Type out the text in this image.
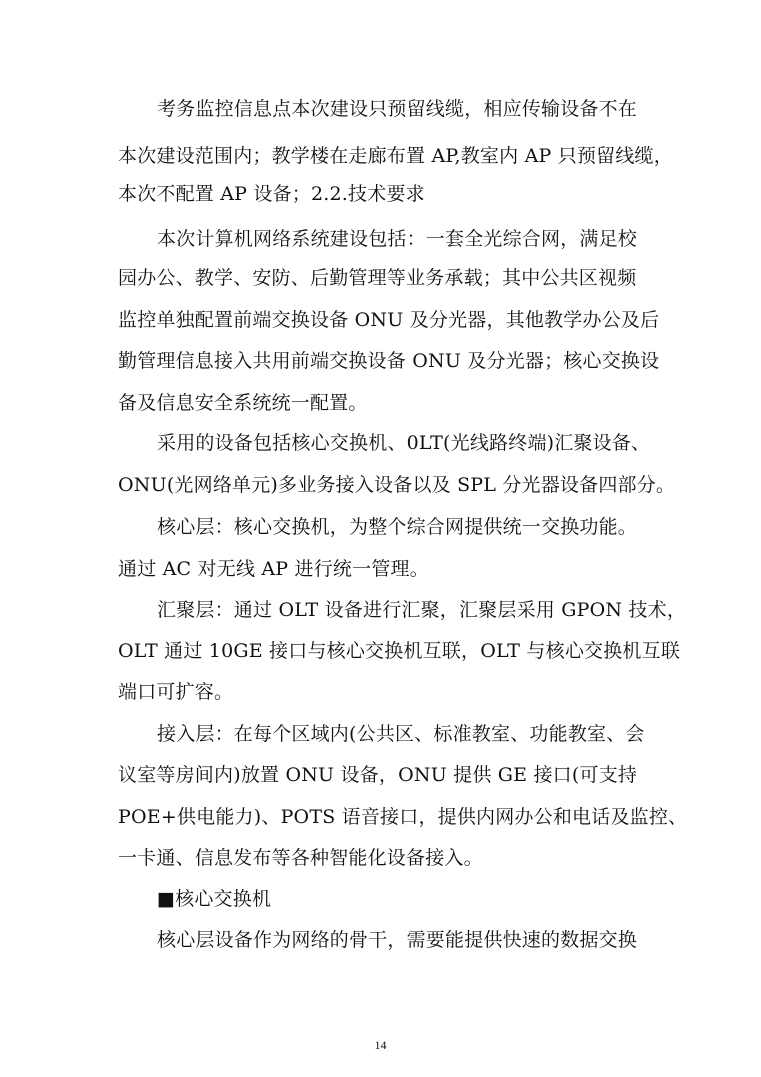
考务监控信息点本次建设只预留线缆，相应传输设备不在
本次建设范围内；教学楼在走廊布置 AP,教室内 AP 只预留线缆，
本次不配置 AP 设备；2.2.技术要求
本次计算机网络系统建设包括：一套全光综合网，满足校
园办公、教学、安防、后勤管理等业务承载；其中公共区视频
监控单独配置前端交换设备 ONU 及分光器，其他教学办公及后
勤管理信息接入共用前端交换设备 ONU 及分光器；核心交换设
备及信息安全系统统一配置。
采用的设备包括核心交换机、0LT(光线路终端)汇聚设备、
ONU(光网络单元)多业务接入设备以及 SPL 分光器设备四部分。
核心层：核心交换机，为整个综合网提供统一交换功能。
通过 AC 对无线 AP 进行统一管理。
汇聚层：通过 OLT 设备进行汇聚，汇聚层采用 GPON 技术，
OLT 通过 10GE 接口与核心交换机互联，OLT 与核心交换机互联
端口可扩容。
接入层：在每个区域内(公共区、标准教室、功能教室、会
议室等房间内)放置 ONU 设备，ONU 提供 GE 接口(可支持
POE+供电能力)、POTS 语音接口，提供内网办公和电话及监控、
一卡通、信息发布等各种智能化设备接入。
■核心交换机
核心层设备作为网络的骨干，需要能提供快速的数据交换
14
